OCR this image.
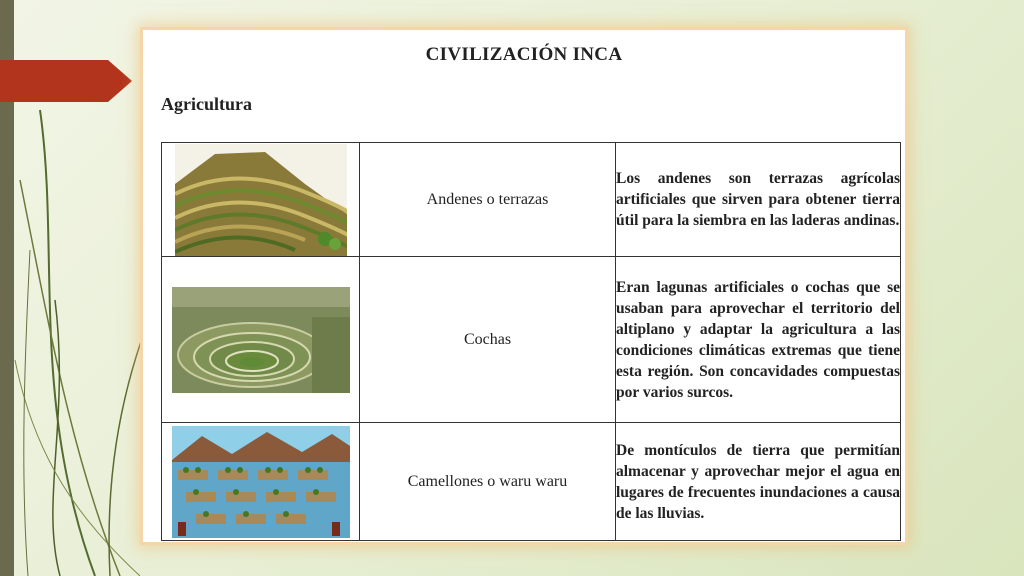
CIVILIZACIÓN INCA
Agricultura
	Andenes o terrazas	Los andenes son terrazas agrícolas artificiales que sirven para obtener tierra útil para la siembra en las laderas andinas.

	Cochas	Eran lagunas artificiales o cochas que se usaban para aprovechar el territorio del altiplano y adaptar la agricultura a las condiciones climáticas extremas que tiene esta región. Son concavidades compuestas por varios surcos.

	Camellones o waru waru	De montículos de tierra que permitían almacenar y aprovechar mejor el agua en lugares de frecuentes inundaciones a causa de las lluvias.
